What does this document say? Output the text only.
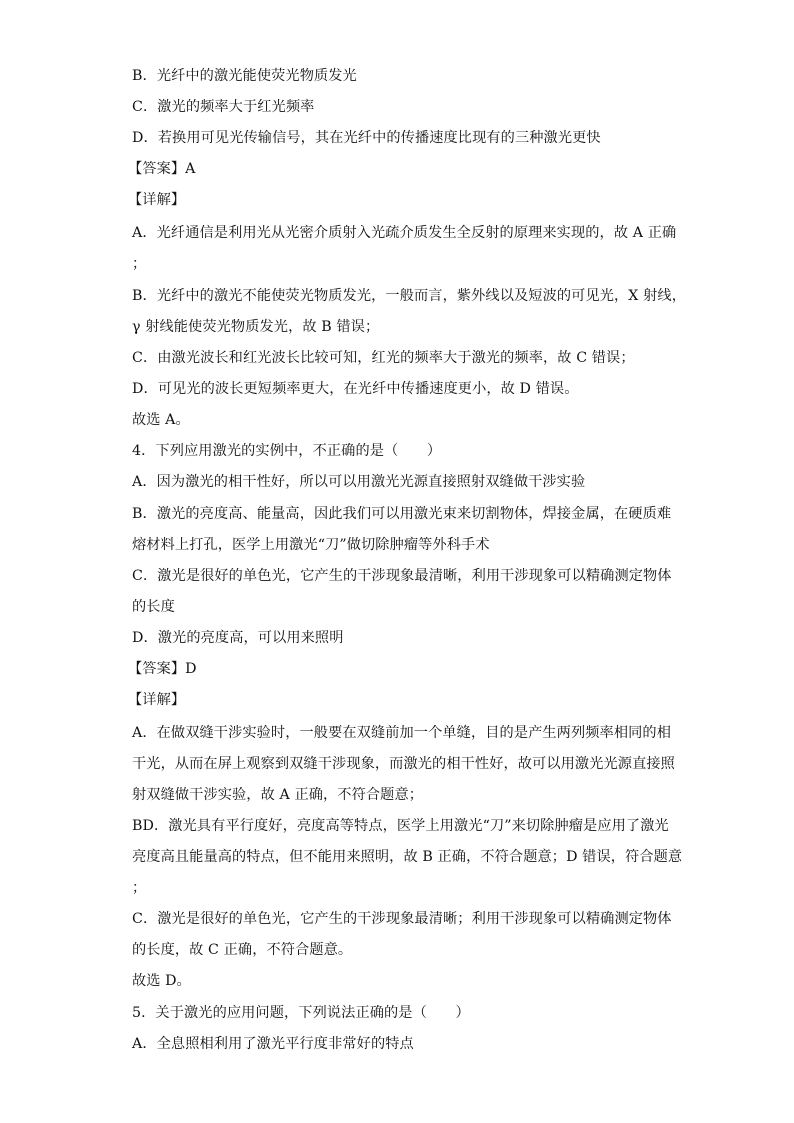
B．光纤中的激光能使荧光物质发光
C．激光的频率大于红光频率
D．若换用可见光传输信号，其在光纤中的传播速度比现有的三种激光更快
【答案】A
【详解】
A．光纤通信是利用光从光密介质射入光疏介质发生全反射的原理来实现的，故 A 正确
；
B．光纤中的激光不能使荧光物质发光，一般而言，紫外线以及短波的可见光，X 射线，
γ 射线能使荧光物质发光，故 B 错误；
C．由激光波长和红光波长比较可知，红光的频率大于激光的频率，故 C 错误；
D．可见光的波长更短频率更大，在光纤中传播速度更小，故 D 错误。
故选 A。
4．下列应用激光的实例中，不正确的是（　　）
A．因为激光的相干性好，所以可以用激光光源直接照射双缝做干涉实验
B．激光的亮度高、能量高，因此我们可以用激光束来切割物体，焊接金属，在硬质难
熔材料上打孔，医学上用激光“刀”做切除肿瘤等外科手术
C．激光是很好的单色光，它产生的干涉现象最清晰，利用干涉现象可以精确测定物体
的长度
D．激光的亮度高，可以用来照明
【答案】D
【详解】
A．在做双缝干涉实验时，一般要在双缝前加一个单缝，目的是产生两列频率相同的相
干光，从而在屏上观察到双缝干涉现象，而激光的相干性好，故可以用激光光源直接照
射双缝做干涉实验，故 A 正确，不符合题意；
BD．激光具有平行度好，亮度高等特点，医学上用激光“刀”来切除肿瘤是应用了激光
亮度高且能量高的特点，但不能用来照明，故 B 正确，不符合题意；D 错误，符合题意
；
C．激光是很好的单色光，它产生的干涉现象最清晰；利用干涉现象可以精确测定物体
的长度，故 C 正确，不符合题意。
故选 D。
5．关于激光的应用问题，下列说法正确的是（　　）
A．全息照相利用了激光平行度非常好的特点
